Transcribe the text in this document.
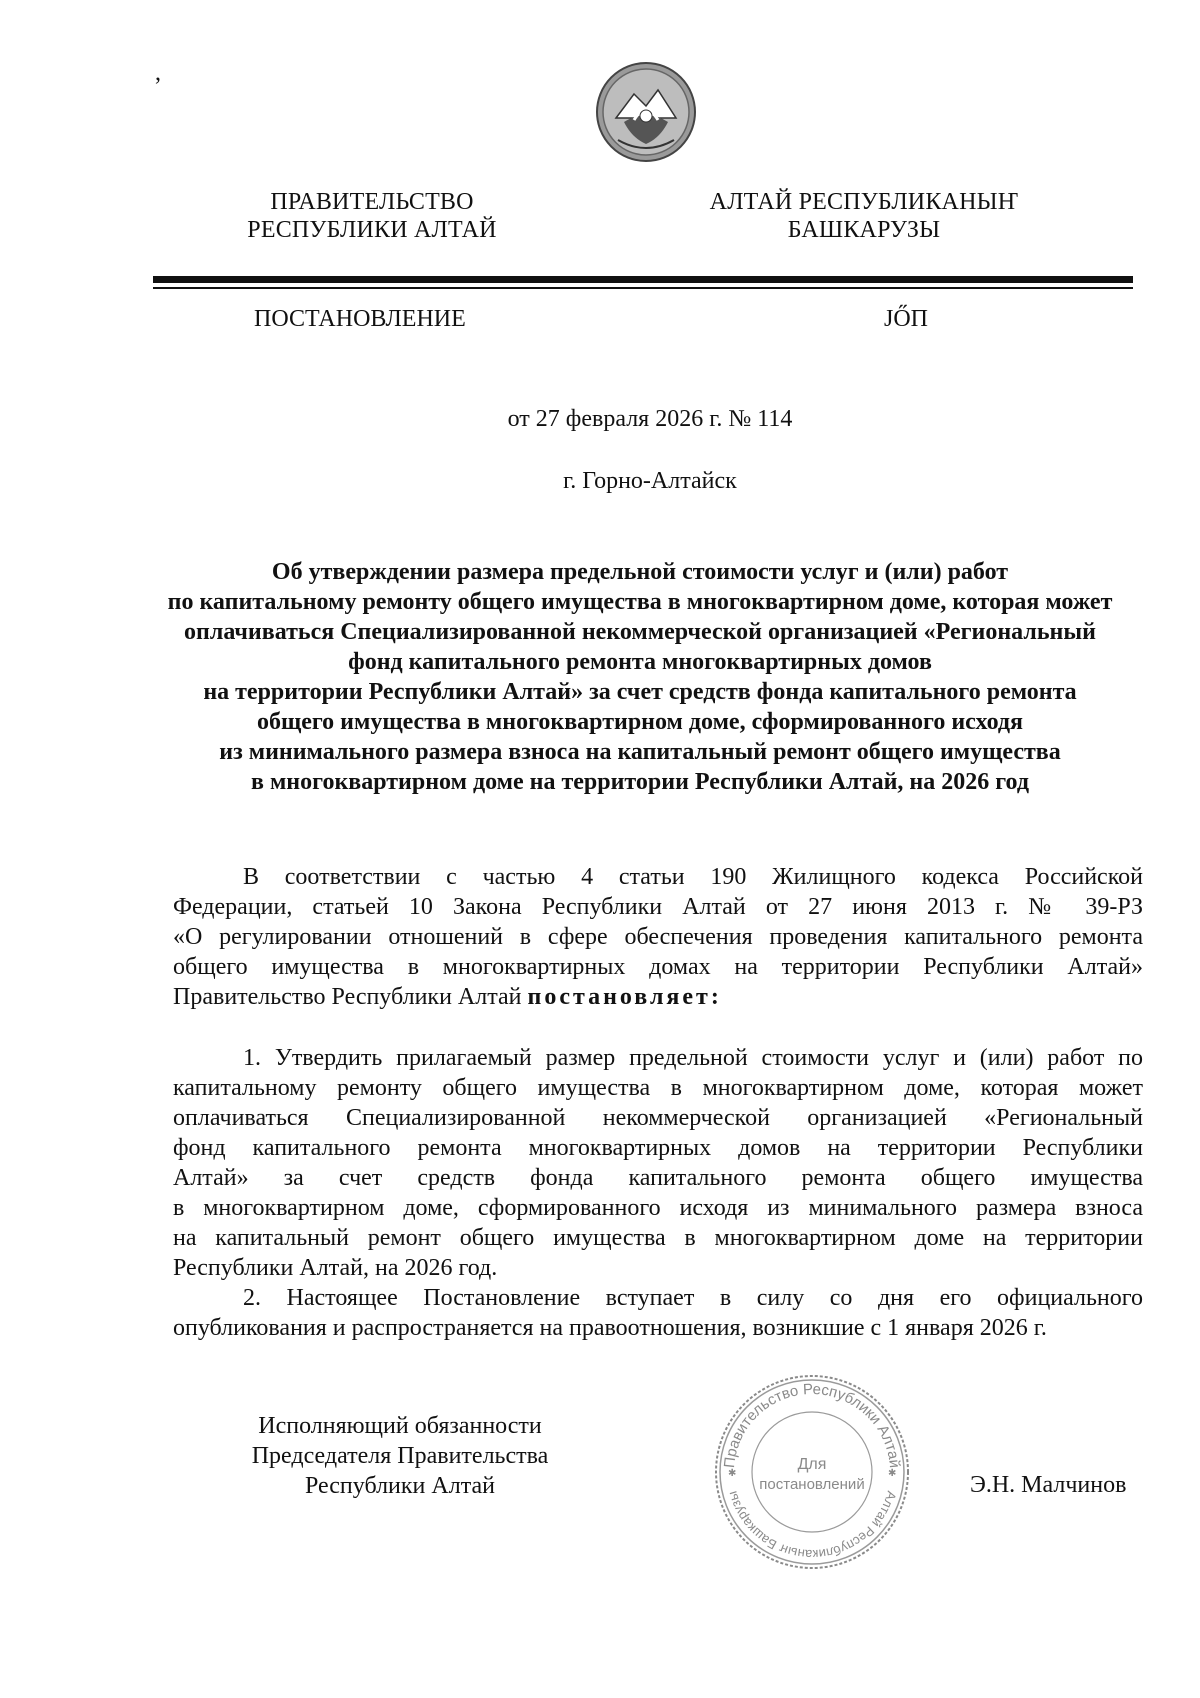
,
ПРАВИТЕЛЬСТВО
РЕСПУБЛИКИ АЛТАЙ
АЛТАЙ РЕСПУБЛИКАНЫҤ
БАШКАРУЗЫ
ПОСТАНОВЛЕНИЕ	JŐП
от 27 февраля 2026 г. № 114
г. Горно-Алтайск
Об утверждении размера предельной стоимости услуг и (или) работ
по капитальному ремонту общего имущества в многоквартирном доме, которая может
оплачиваться Специализированной некоммерческой организацией «Региональный
фонд капитального ремонта многоквартирных домов
на территории Республики Алтай» за счет средств фонда капитального ремонта
общего имущества в многоквартирном доме, сформированного исходя
из минимального размера взноса на капитальный ремонт общего имущества
в многоквартирном доме на территории Республики Алтай, на 2026 год
В соответствии с частью 4 статьи 190 Жилищного кодекса Российской
Федерации, статьей 10 Закона Республики Алтай от 27 июня 2013 г. № 39-РЗ
«О регулировании отношений в сфере обеспечения проведения капитального ремонта
общего имущества в многоквартирных домах на территории Республики Алтай»
Правительство Республики Алтай постановляет:
1. Утвердить прилагаемый размер предельной стоимости услуг и (или) работ по
капитальному ремонту общего имущества в многоквартирном доме, которая может
оплачиваться Специализированной некоммерческой организацией «Региональный
фонд капитального ремонта многоквартирных домов на территории Республики
Алтай» за счет средств фонда капитального ремонта общего имущества
в многоквартирном доме, сформированного исходя из минимального размера взноса
на капитальный ремонт общего имущества в многоквартирном доме на территории
Республики Алтай, на 2026 год.
2. Настоящее Постановление вступает в силу со дня его официального
опубликования и распространяется на правоотношения, возникшие с 1 января 2026 г.
Исполняющий обязанности
Председателя Правительства
Республики Алтай
Правительство Республики Алтай
Алтай Республиканыҥ Башкарузы
Для
постановлений
✱	✱	Э.Н. Малчинов
